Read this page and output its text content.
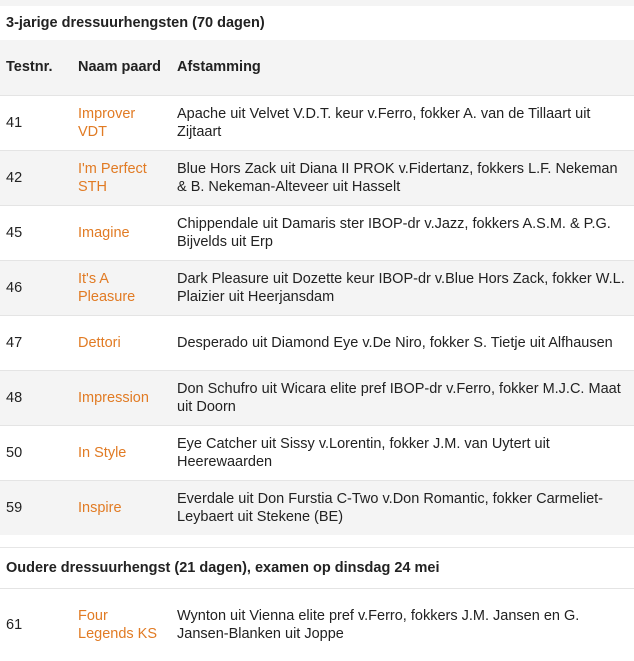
3-jarige dressuurhengsten (70 dagen)
Testnr.	Naam paard	Afstamming
41	Improver VDT	Apache uit Velvet V.D.T. keur v.Ferro, fokker A. van de Tillaart uit Zijtaart
42	I'm Perfect STH	Blue Hors Zack uit Diana II PROK v.Fidertanz, fokkers L.F. Nekeman & B. Nekeman-Alteveer uit Hasselt
45	Imagine	Chippendale uit Damaris ster IBOP-dr v.Jazz, fokkers A.S.M. & P.G. Bijvelds uit Erp
46	It's A Pleasure	Dark Pleasure uit Dozette keur IBOP-dr v.Blue Hors Zack, fokker W.L. Plaizier uit Heerjansdam
47	Dettori	Desperado uit Diamond Eye v.De Niro, fokker S. Tietje uit Alfhausen
48	Impression	Don Schufro uit Wicara elite pref IBOP-dr v.Ferro, fokker M.J.C. Maat uit Doorn
50	In Style	Eye Catcher uit Sissy v.Lorentin, fokker J.M. van Uytert uit Heerewaarden
59	Inspire	Everdale uit Don Furstia C-Two v.Don Romantic, fokker Carmeliet-Leybaert uit Stekene (BE)
Oudere dressuurhengst (21 dagen), examen op dinsdag 24 mei
61	Four Legends KS	Wynton uit Vienna elite pref v.Ferro, fokkers J.M. Jansen en G. Jansen-Blanken uit Joppe
